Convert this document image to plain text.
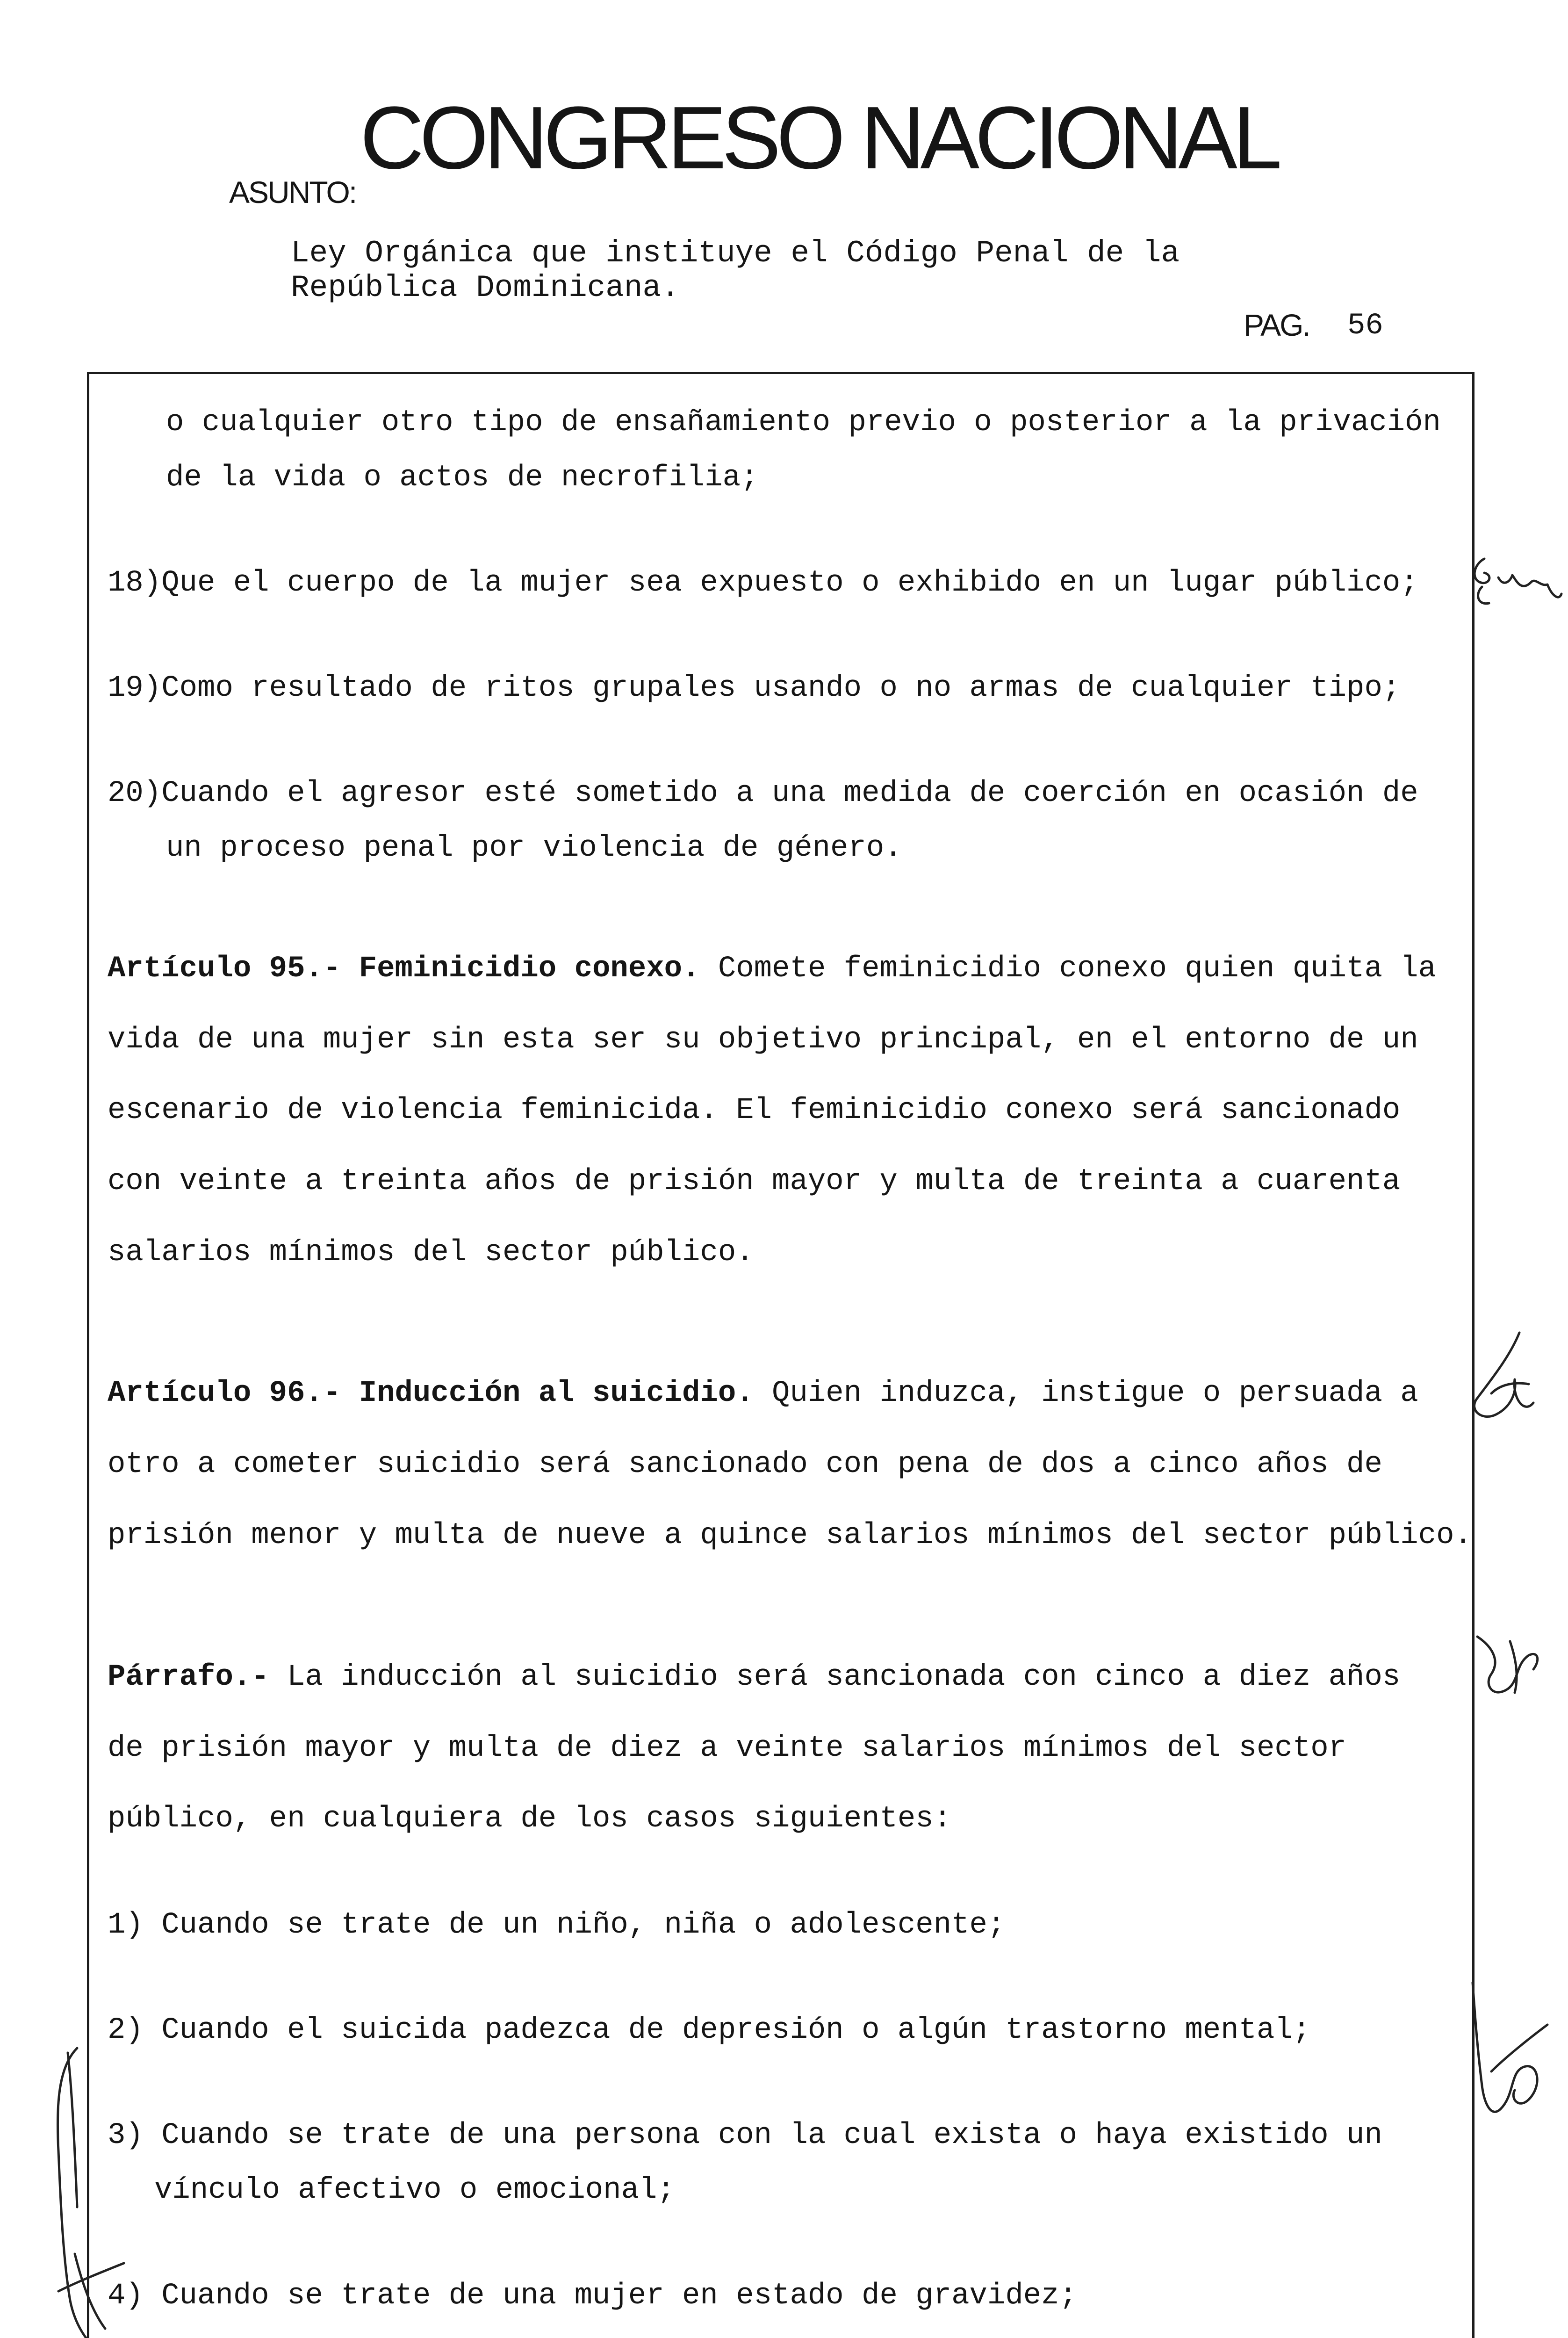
CONGRESO NACIONAL
ASUNTO:
Ley Orgánica que instituye el Código Penal de la
República Dominicana.
PAG. 56
o cualquier otro tipo de ensañamiento previo o posterior a la privación
de la vida o actos de necrofilia;
18)Que el cuerpo de la mujer sea expuesto o exhibido en un lugar público;
19)Como resultado de ritos grupales usando o no armas de cualquier tipo;
20)Cuando el agresor esté sometido a una medida de coerción en ocasión de
un proceso penal por violencia de género.
Artículo 95.- Feminicidio conexo. Comete feminicidio conexo quien quita la
vida de una mujer sin esta ser su objetivo principal, en el entorno de un
escenario de violencia feminicida. El feminicidio conexo será sancionado
con veinte a treinta años de prisión mayor y multa de treinta a cuarenta
salarios mínimos del sector público.
Artículo 96.- Inducción al suicidio. Quien induzca, instigue o persuada a
otro a cometer suicidio será sancionado con pena de dos a cinco años de
prisión menor y multa de nueve a quince salarios mínimos del sector público.
Párrafo.- La inducción al suicidio será sancionada con cinco a diez años
de prisión mayor y multa de diez a veinte salarios mínimos del sector
público, en cualquiera de los casos siguientes:
1) Cuando se trate de un niño, niña o adolescente;
2) Cuando el suicida padezca de depresión o algún trastorno mental;
3) Cuando se trate de una persona con la cual exista o haya existido un
vínculo afectivo o emocional;
4) Cuando se trate de una mujer en estado de gravidez;
